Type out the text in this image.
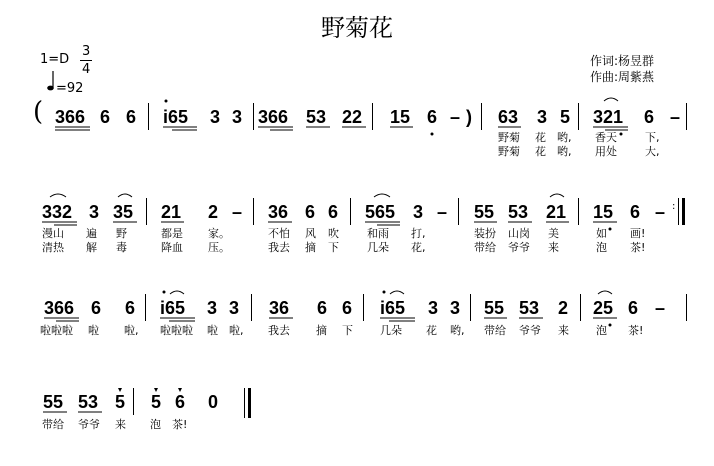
野菊花
1=D
3
4
=92
作词:杨昱群
作曲:周紫燕
( 366 6 6 i65 3 3 366 53 22 15 6 – ) 63 3 5 321 6 –
野菊 花 哟, 香天	下,
野菊 花 哟, 用处	大,
332 3 35 21 2 – 36 6 6 565 3 – 55 53 21 15 6 – :
漫山 遍 野	都是 家。	不怕 风 吹	和雨 打,	装扮 山岗 美	如 画!
清热 解 毒	降血 压。	我去 摘 下	几朵 花,	带给 爷爷 来	泡 茶!
366 6 6 i65 3 3 36 6 6 i65 3 3 55 53 2 25 6 –
啦啦啦 啦 啦, 啦啦啦 啦 啦, 我去 摘 下 几朵 花 哟, 带给 爷爷 来 泡 茶!
55 53 5 5 6 0
带给 爷爷 来 泡 茶!
